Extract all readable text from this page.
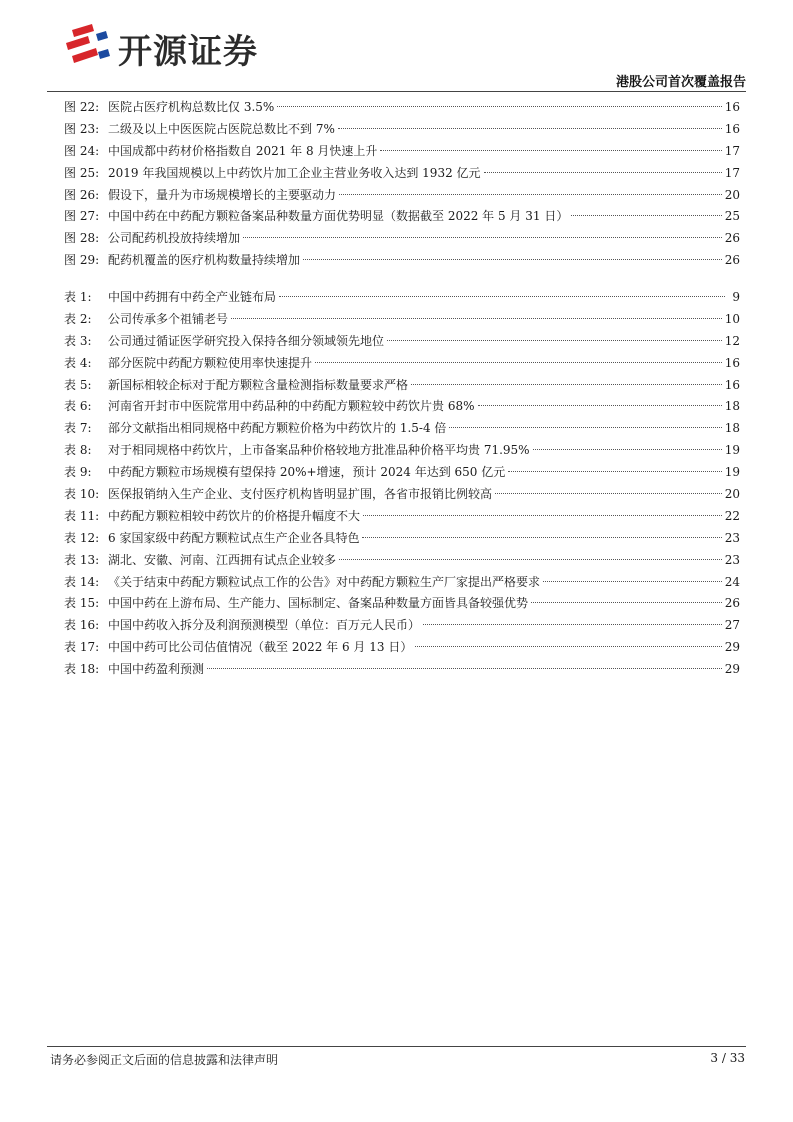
开源证券
港股公司首次覆盖报告
图 22: 医院占医疗机构总数比仅 3.5%	16
图 23: 二级及以上中医医院占医院总数比不到 7%	16
图 24: 中国成都中药材价格指数自 2021 年 8 月快速上升	17
图 25: 2019 年我国规模以上中药饮片加工企业主营业务收入达到 1932 亿元	17
图 26: 假设下，量升为市场规模增长的主要驱动力	20
图 27: 中国中药在中药配方颗粒备案品种数量方面优势明显（数据截至 2022 年 5 月 31 日）	25
图 28: 公司配药机投放持续增加	26
图 29: 配药机覆盖的医疗机构数量持续增加	26
表 1:	中国中药拥有中药全产业链布局	9
表 2:	公司传承多个祖铺老号	10
表 3:	公司通过循证医学研究投入保持各细分领域领先地位	12
表 4:	部分医院中药配方颗粒使用率快速提升	16
表 5:	新国标相较企标对于配方颗粒含量检测指标数量要求严格	16
表 6:	河南省开封市中医院常用中药品种的中药配方颗粒较中药饮片贵 68%	18
表 7:	部分文献指出相同规格中药配方颗粒价格为中药饮片的 1.5-4 倍	18
表 8:	对于相同规格中药饮片，上市备案品种价格较地方批准品种价格平均贵 71.95%	19
表 9:	中药配方颗粒市场规模有望保持 20%+增速，预计 2024 年达到 650 亿元	19
表 10: 医保报销纳入生产企业、支付医疗机构皆明显扩围，各省市报销比例较高	20
表 11: 中药配方颗粒相较中药饮片的价格提升幅度不大	22
表 12: 6 家国家级中药配方颗粒试点生产企业各具特色	23
表 13: 湖北、安徽、河南、江西拥有试点企业较多	23
表 14: 《关于结束中药配方颗粒试点工作的公告》对中药配方颗粒生产厂家提出严格要求	24
表 15: 中国中药在上游布局、生产能力、国标制定、备案品种数量方面皆具备较强优势	26
表 16: 中国中药收入拆分及利润预测模型（单位：百万元人民币）	27
表 17: 中国中药可比公司估值情况（截至 2022 年 6 月 13 日）	29
表 18: 中国中药盈利预测	29
请务必参阅正文后面的信息披露和法律声明	3 / 33
